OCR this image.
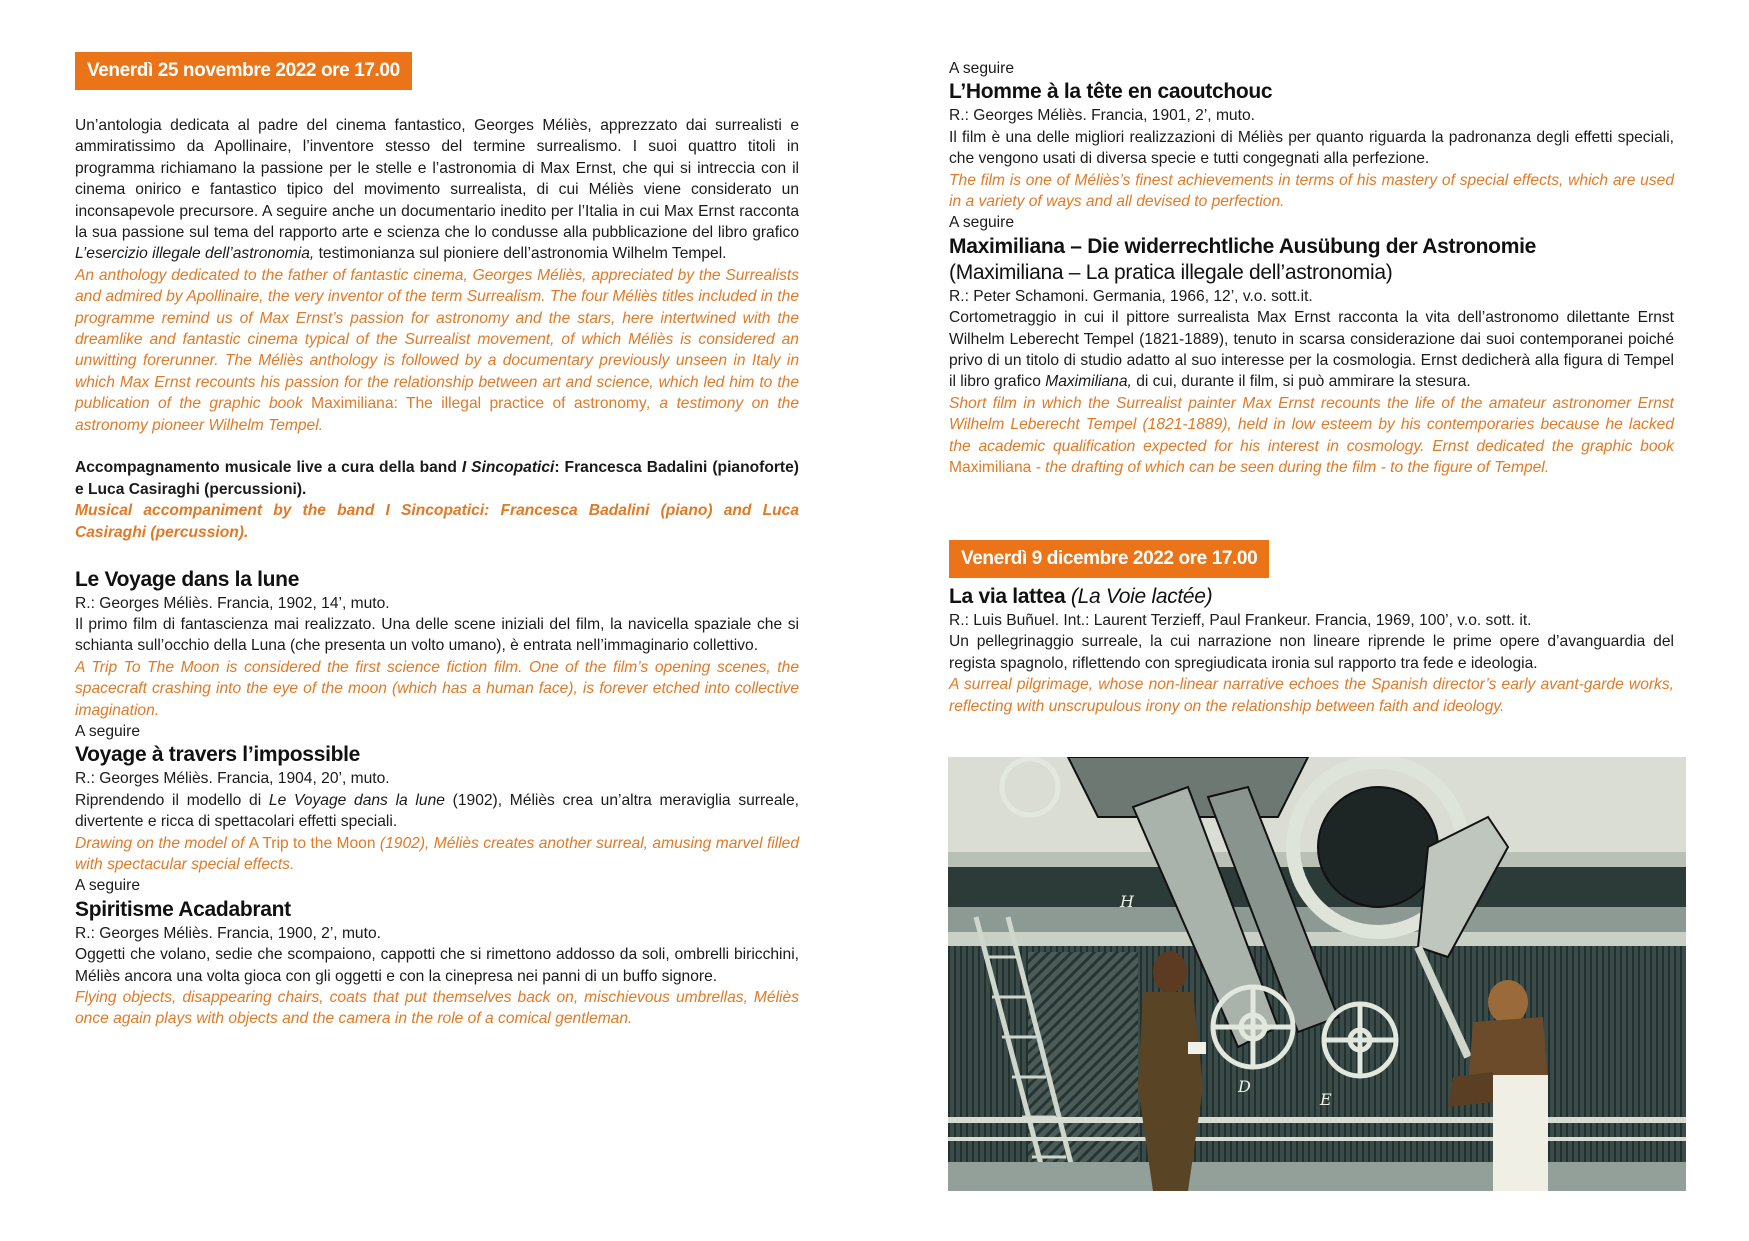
Venerdì 25 novembre 2022 ore 17.00

Un’antologia dedicata al padre del cinema fantastico, Georges Méliès, apprezzato dai surrealisti e ammiratissimo da Apollinaire, l’inventore stesso del termine surrealismo. I suoi quattro titoli in programma richiamano la passione per le stelle e l’astronomia di Max Ernst, che qui si intreccia con il cinema onirico e fantastico tipico del movimento surrealista, di cui Méliès viene considerato un inconsapevole precursore. A seguire anche un documentario inedito per l’Italia in cui Max Ernst racconta la sua passione sul tema del rapporto arte e scienza che lo condusse alla pubblicazione del libro grafico L’esercizio illegale dell’astronomia, testimonianza sul pioniere dell’astronomia Wilhelm Tempel.

An anthology dedicated to the father of fantastic cinema, Georges Méliès, appreciated by the Surrealists and admired by Apollinaire, the very inventor of the term Surrealism. The four Méliès titles included in the programme remind us of Max Ernst’s passion for astronomy and the stars, here intertwined with the dreamlike and fantastic cinema typical of the Surrealist movement, of which Méliès is considered an unwitting forerunner. The Méliès anthology is followed by a documentary previously unseen in Italy in which Max Ernst recounts his passion for the relationship between art and science, which led him to the publication of the graphic book Maximiliana: The illegal practice of astronomy, a testimony on the astronomy pioneer Wilhelm Tempel.

Accompagnamento musicale live a cura della band I Sincopatici: Francesca Badalini (pianoforte) e Luca Casiraghi (percussioni).

Musical accompaniment by the band I Sincopatici: Francesca Badalini (piano) and Luca Casiraghi (percussion).

Le Voyage dans la lune
R.: Georges Méliès. Francia, 1902, 14’, muto.

Il primo film di fantascienza mai realizzato. Una delle scene iniziali del film, la navicella spaziale che si schianta sull’occhio della Luna (che presenta un volto umano), è entrata nell’immaginario collettivo.

A Trip To The Moon is considered the first science fiction film. One of the film’s opening scenes, the spacecraft crashing into the eye of the moon (which has a human face), is forever etched into collective imagination.

A seguire
Voyage à travers l’impossible
R.: Georges Méliès. Francia, 1904, 20’, muto.

Riprendendo il modello di Le Voyage dans la lune (1902), Méliès crea un’altra meraviglia surreale, divertente e ricca di spettacolari effetti speciali.

Drawing on the model of A Trip to the Moon (1902), Méliès creates another surreal, amusing marvel filled with spectacular special effects.

A seguire
Spiritisme Acadabrant
R.: Georges Méliès. Francia, 1900, 2’, muto.

Oggetti che volano, sedie che scompaiono, cappotti che si rimettono addosso da soli, ombrelli biricchini, Méliès ancora una volta gioca con gli oggetti e con la cinepresa nei panni di un buffo signore.

Flying objects, disappearing chairs, coats that put themselves back on, mischievous umbrellas, Méliès once again plays with objects and the camera in the role of a comical gentleman.

A seguire
L’Homme à la tête en caoutchouc
R.: Georges Méliès. Francia, 1901, 2’, muto.

Il film è una delle migliori realizzazioni di Méliès per quanto riguarda la padronanza degli effetti speciali, che vengono usati di diversa specie e tutti congegnati alla perfezione.

The film is one of Méliès’s finest achievements in terms of his mastery of special effects, which are used in a variety of ways and all devised to perfection.

A seguire
Maximiliana – Die widerrechtliche Ausübung der Astronomie
(Maximiliana – La pratica illegale dell’astronomia)
R.: Peter Schamoni. Germania, 1966, 12’, v.o. sott.it.

Cortometraggio in cui il pittore surrealista Max Ernst racconta la vita dell’astronomo dilettante Ernst Wilhelm Leberecht Tempel (1821-1889), tenuto in scarsa considerazione dai suoi contemporanei poiché privo di un titolo di studio adatto al suo interesse per la cosmologia. Ernst dedicherà alla figura di Tempel il libro grafico Maximiliana, di cui, durante il film, si può ammirare la stesura.

Short film in which the Surrealist painter Max Ernst recounts the life of the amateur astronomer Ernst Wilhelm Leberecht Tempel (1821-1889), held in low esteem by his contemporaries because he lacked the academic qualification expected for his interest in cosmology. Ernst dedicated the graphic book Maximiliana - the drafting of which can be seen during the film - to the figure of Tempel.

Venerdì 9 dicembre 2022 ore 17.00
La via lattea (La Voie lactée)
R.: Luis Buñuel. Int.: Laurent Terzieff, Paul Frankeur. Francia, 1969, 100’, v.o. sott. it.

Un pellegrinaggio surreale, la cui narrazione non lineare riprende le prime opere d’avanguardia del regista spagnolo, riflettendo con spregiudicata ironia sul rapporto tra fede e ideologia.

A surreal pilgrimage, whose non-linear narrative echoes the Spanish director’s early avant-garde works, reflecting with unscrupulous irony on the relationship between faith and ideology.

H
D
E
